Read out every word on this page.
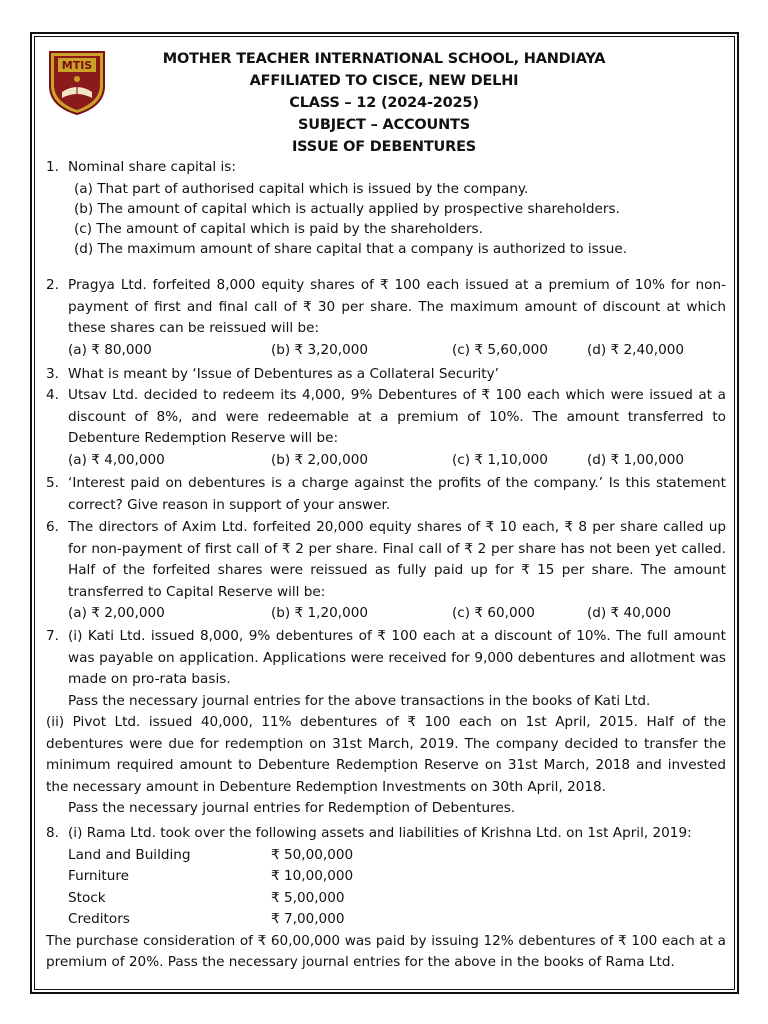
MTIS	MOTHER TEACHER INTERNATIONAL SCHOOL, HANDIAYA
AFFILIATED TO CISCE, NEW DELHI
CLASS – 12 (2024-2025)
SUBJECT – ACCOUNTS
ISSUE OF DEBENTURES
1. Nominal share capital is:
(a) That part of authorised capital which is issued by the company.
(b) The amount of capital which is actually applied by prospective shareholders.
(c) The amount of capital which is paid by the shareholders.
(d) The maximum amount of share capital that a company is authorized to issue.
2. Pragya Ltd. forfeited 8,000 equity shares of ₹ 100 each issued at a premium of 10% for non-payment of first and final call of ₹ 30 per share. The maximum amount of discount at which these shares can be reissued will be:
(a) ₹ 80,000	(b) ₹ 3,20,000	(c) ₹ 5,60,000	(d) ₹ 2,40,000
3. What is meant by ‘Issue of Debentures as a Collateral Security’
4. Utsav Ltd. decided to redeem its 4,000, 9% Debentures of ₹ 100 each which were issued at a discount of 8%, and were redeemable at a premium of 10%. The amount transferred to Debenture Redemption Reserve will be:
(a) ₹ 4,00,000	(b) ₹ 2,00,000	(c) ₹ 1,10,000	(d) ₹ 1,00,000
5. ‘Interest paid on debentures is a charge against the profits of the company.’ Is this statement correct? Give reason in support of your answer.
6. The directors of Axim Ltd. forfeited 20,000 equity shares of ₹ 10 each, ₹ 8 per share called up for non-payment of first call of ₹ 2 per share. Final call of ₹ 2 per share has not been yet called. Half of the forfeited shares were reissued as fully paid up for ₹ 15 per share. The amount transferred to Capital Reserve will be:
(a) ₹ 2,00,000	(b) ₹ 1,20,000	(c) ₹ 60,000	(d) ₹ 40,000
7. (i) Kati Ltd. issued 8,000, 9% debentures of ₹ 100 each at a discount of 10%. The full amount was payable on application. Applications were received for 9,000 debentures and allotment was made on pro-rata basis.
Pass the necessary journal entries for the above transactions in the books of Kati Ltd.
(ii) Pivot Ltd. issued 40,000, 11% debentures of ₹ 100 each on 1st April, 2015. Half of the debentures were due for redemption on 31st March, 2019. The company decided to transfer the minimum required amount to Debenture Redemption Reserve on 31st March, 2018 and invested the necessary amount in Debenture Redemption Investments on 30th April, 2018.
Pass the necessary journal entries for Redemption of Debentures.
8. (i) Rama Ltd. took over the following assets and liabilities of Krishna Ltd. on 1st April, 2019:
Land and Building	₹ 50,00,000
Furniture	₹ 10,00,000
Stock	₹ 5,00,000
Creditors	₹ 7,00,000
The purchase consideration of ₹ 60,00,000 was paid by issuing 12% debentures of ₹ 100 each at a premium of 20%. Pass the necessary journal entries for the above in the books of Rama Ltd.
